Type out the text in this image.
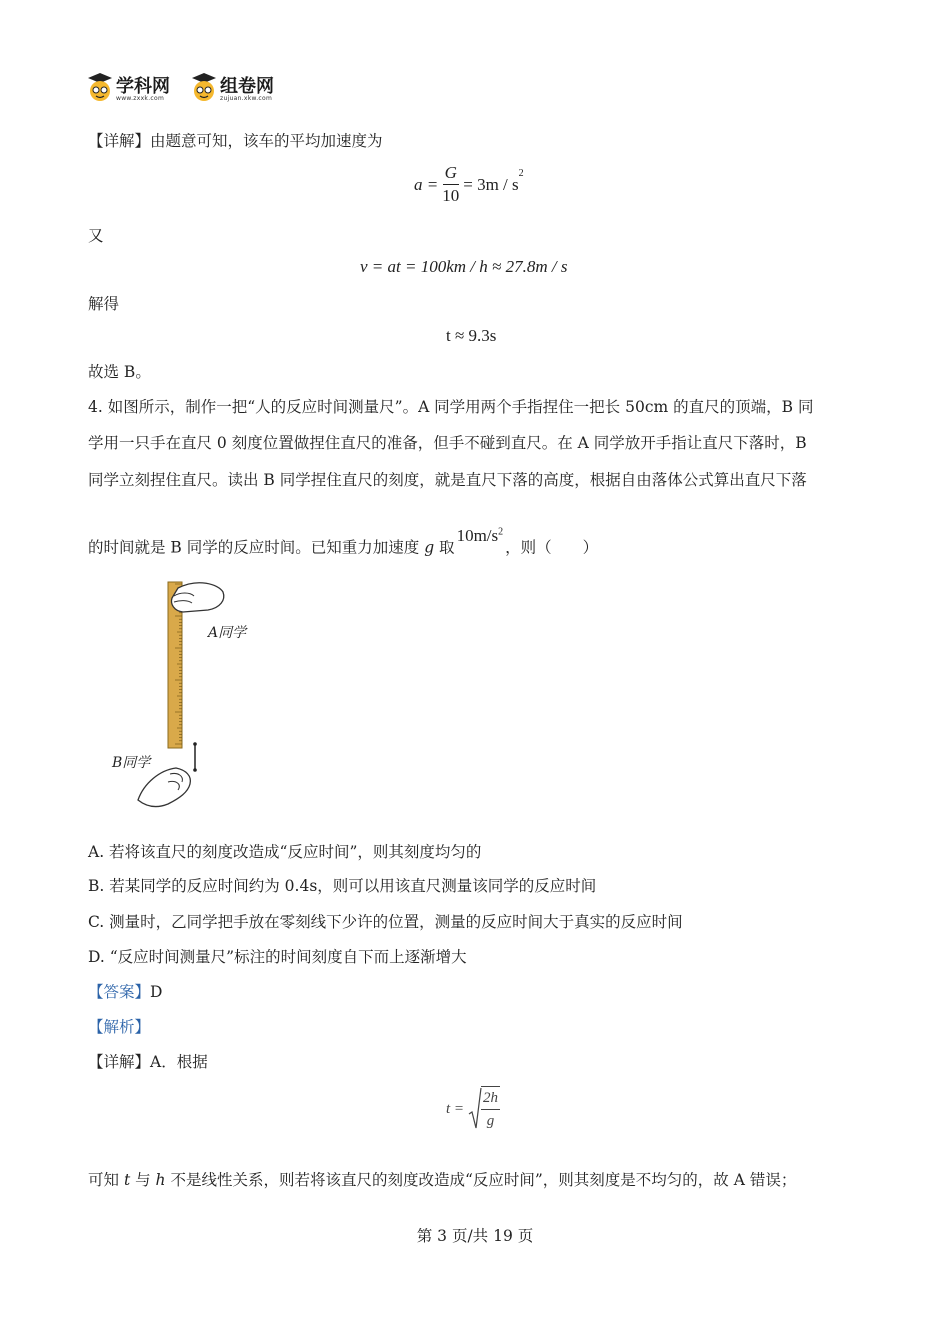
学科网
www.zxxk.com
组卷网
zujuan.xkw.com
【详解】由题意可知，该车的平均加速度为
$a = \frac{G}{10} = 3m / s$
$^2$
又
v = at = 100km / h ≈ 27.8m / s
解得
t ≈ 9.3s
故选 B。
4. 如图所示，制作一把“人的反应时间测量尺”。A 同学用两个手指捏住一把长 50cm 的直尺的顶端，B 同
学用一只手在直尺 0 刻度位置做捏住直尺的准备，但手不碰到直尺。在 A 同学放开手指让直尺下落时，B
同学立刻捏住直尺。读出 B 同学捏住直尺的刻度，就是直尺下落的高度，根据自由落体公式算出直尺下落
的时间就是 B 同学的反应时间。已知重力加速度 g 取$10m/s^2$，则（　　）
A同学
B同学
A. 若将该直尺的刻度改造成“反应时间”，则其刻度均匀的
B. 若某同学的反应时间约为 0.4s，则可以用该直尺测量该同学的反应时间
C. 测量时，乙同学把手放在零刻线下少许的位置，测量的反应时间大于真实的反应时间
D. “反应时间测量尺”标注的时间刻度自下而上逐渐增大
【答案】D
【解析】
【详解】A．根据
$t = \frac{2h}{g}$
可知 t 与 h 不是线性关系，则若将该直尺的刻度改造成“反应时间”，则其刻度是不均匀的，故 A 错误；
第 3 页/共 19 页
